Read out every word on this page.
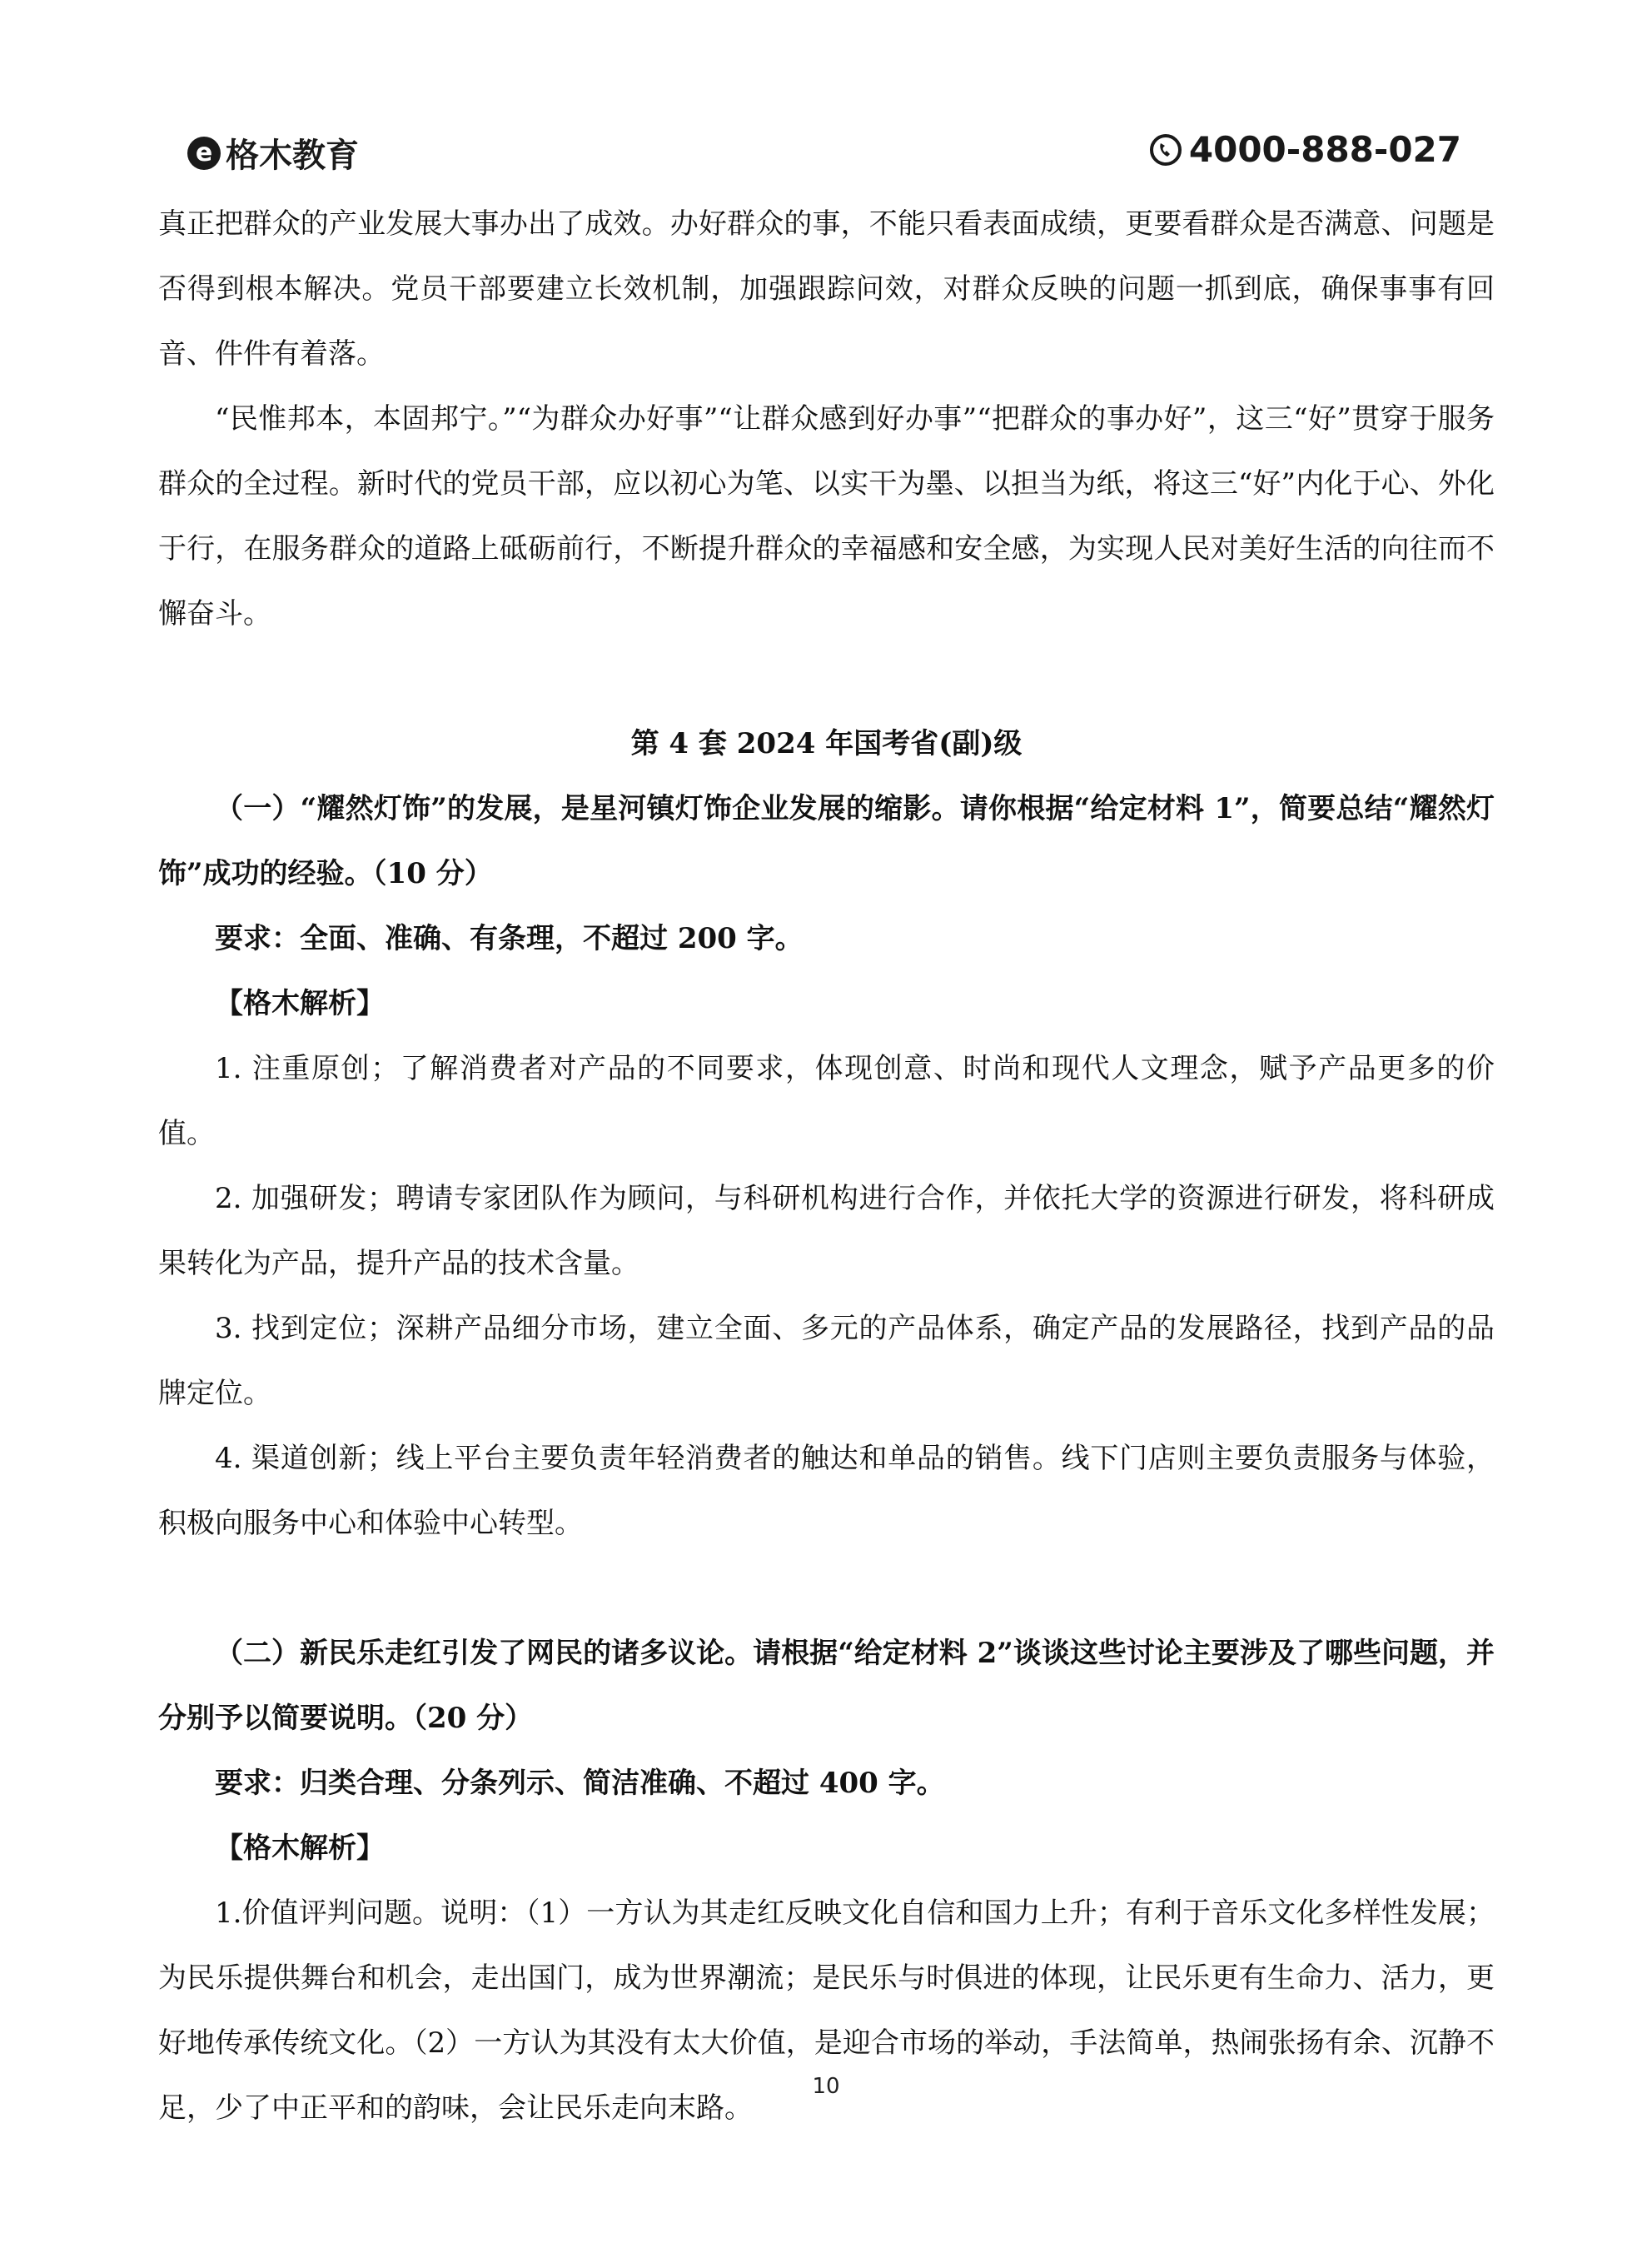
e 格木教育	4000-888-027

真正把群众的产业发展大事办出了成效。办好群众的事，不能只看表面成绩，更要看群众是否满意、问题是否得到根本解决。党员干部要建立长效机制，加强跟踪问效，对群众反映的问题一抓到底，确保事事有回音、件件有着落。

“民惟邦本，本固邦宁。”“为群众办好事”“让群众感到好办事”“把群众的事办好”，这三“好”贯穿于服务群众的全过程。新时代的党员干部，应以初心为笔、以实干为墨、以担当为纸，将这三“好”内化于心、外化于行，在服务群众的道路上砥砺前行，不断提升群众的幸福感和安全感，为实现人民对美好生活的向往而不懈奋斗。

第 4 套 2024 年国考省(副)级

（一）“耀然灯饰”的发展，是星河镇灯饰企业发展的缩影。请你根据“给定材料 1”，简要总结“耀然灯饰”成功的经验。（10 分）

要求：全面、准确、有条理，不超过 200 字。

【格木解析】

1. 注重原创；了解消费者对产品的不同要求，体现创意、时尚和现代人文理念，赋予产品更多的价值。

2. 加强研发；聘请专家团队作为顾问，与科研机构进行合作，并依托大学的资源进行研发，将科研成果转化为产品，提升产品的技术含量。

3. 找到定位；深耕产品细分市场，建立全面、多元的产品体系，确定产品的发展路径，找到产品的品牌定位。

4. 渠道创新；线上平台主要负责年轻消费者的触达和单品的销售。线下门店则主要负责服务与体验，积极向服务中心和体验中心转型。

（二）新民乐走红引发了网民的诸多议论。请根据“给定材料 2”谈谈这些讨论主要涉及了哪些问题，并分别予以简要说明。（20 分）

要求：归类合理、分条列示、简洁准确、不超过 400 字。

【格木解析】

1.价值评判问题。说明：（1）一方认为其走红反映文化自信和国力上升；有利于音乐文化多样性发展；为民乐提供舞台和机会，走出国门，成为世界潮流；是民乐与时俱进的体现，让民乐更有生命力、活力，更好地传承传统文化。（2）一方认为其没有太大价值，是迎合市场的举动，手法简单，热闹张扬有余、沉静不足，少了中正平和的韵味，会让民乐走向末路。

10
